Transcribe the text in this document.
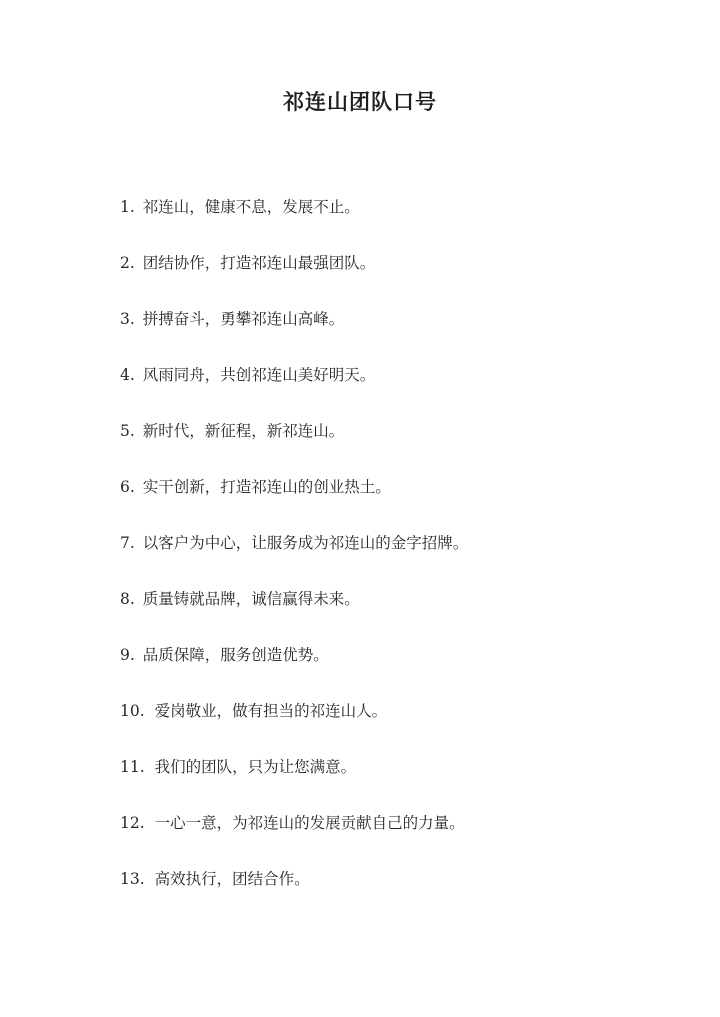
祁连山团队口号
1. 祁连山，健康不息，发展不止。
2. 团结协作，打造祁连山最强团队。
3. 拼搏奋斗，勇攀祁连山高峰。
4. 风雨同舟，共创祁连山美好明天。
5. 新时代，新征程，新祁连山。
6. 实干创新，打造祁连山的创业热土。
7. 以客户为中心，让服务成为祁连山的金字招牌。
8. 质量铸就品牌，诚信赢得未来。
9. 品质保障，服务创造优势。
10. 爱岗敬业，做有担当的祁连山人。
11. 我们的团队，只为让您满意。
12. 一心一意，为祁连山的发展贡献自己的力量。
13. 高效执行，团结合作。
